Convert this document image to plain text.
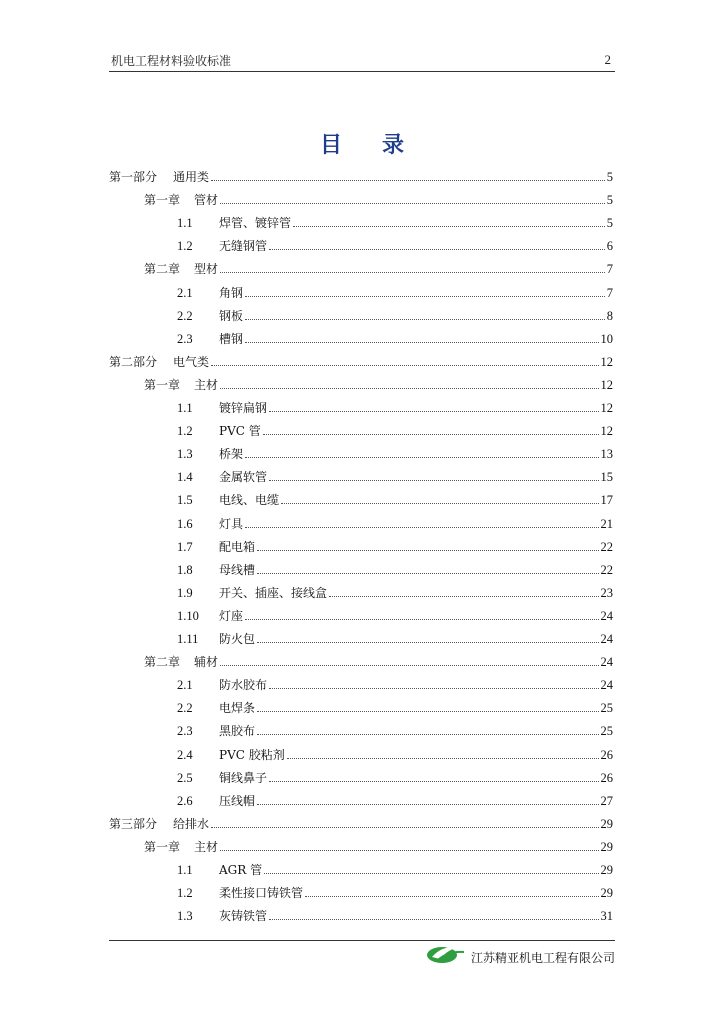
机电工程材料验收标准	2
目 录
第一部分 通用类	5
第一章 管材	5
1.1	焊管、镀锌管	5
1.2	无缝钢管	6
第二章 型材	7
2.1	角钢	7
2.2	钢板	8
2.3	槽钢	10
第二部分 电气类	12
第一章 主材	12
1.1	镀锌扁钢	12
1.2	PVC 管	12
1.3	桥架	13
1.4	金属软管	15
1.5	电线、电缆	17
1.6	灯具	21
1.7	配电箱	22
1.8	母线槽	22
1.9	开关、插座、接线盒	23
1.10	灯座	24
1.11	防火包	24
第二章 辅材	24
2.1	防水胶布	24
2.2	电焊条	25
2.3	黑胶布	25
2.4	PVC 胶粘剂	26
2.5	铜线鼻子	26
2.6	压线帽	27
第三部分 给排水	29
第一章 主材	29
1.1	AGR 管	29
1.2	柔性接口铸铁管	29
1.3	灰铸铁管	31
江苏精亚机电工程有限公司
